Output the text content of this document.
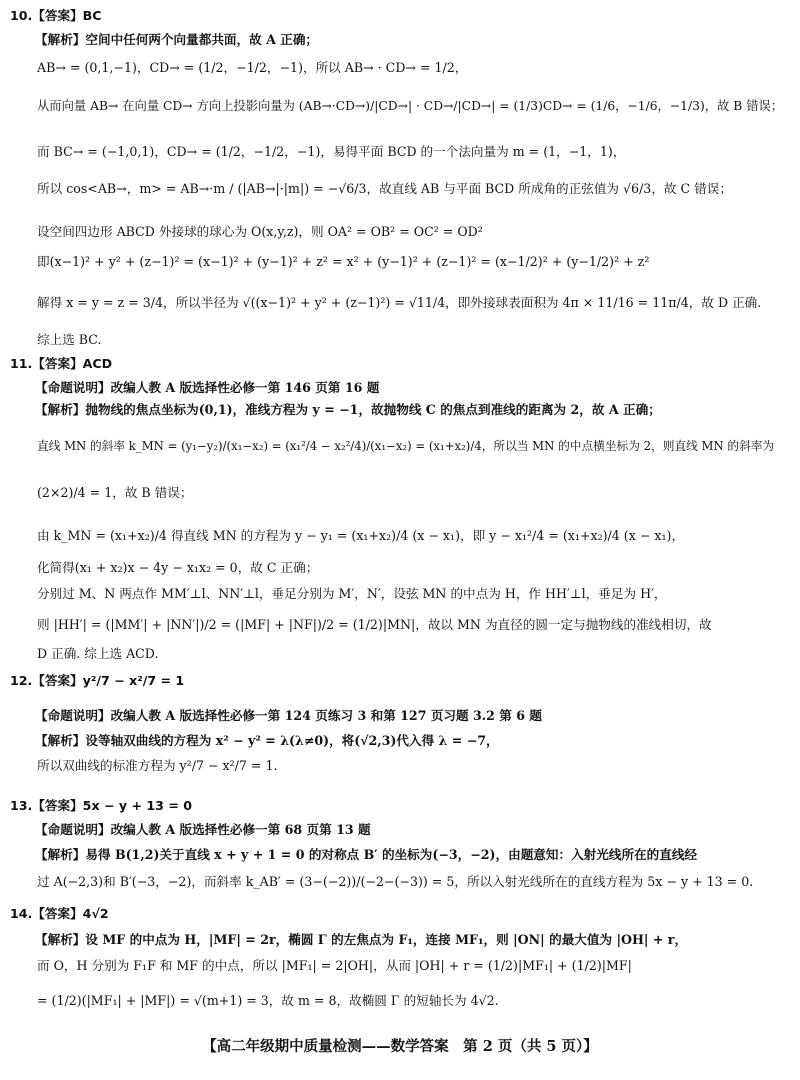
10.【答案】BC
【解析】空间中任何两个向量都共面，故 A 正确；
AB→ = (0,1,−1)，CD→ = (1/2，−1/2，−1)，所以 AB→ · CD→ = 1/2，
从而向量 AB→ 在向量 CD→ 方向上投影向量为 (AB→·CD→)/|CD→| · CD→/|CD→| = (1/3)CD→ = (1/6，−1/6，−1/3)，故 B 错误；
而 BC→ = (−1,0,1)，CD→ = (1/2，−1/2，−1)，易得平面 BCD 的一个法向量为 m = (1，−1，1)，
所以 cos<AB→，m> = AB→·m / (|AB→|·|m|) = −√6/3，故直线 AB 与平面 BCD 所成角的正弦值为 √6/3，故 C 错误；
设空间四边形 ABCD 外接球的球心为 O(x,y,z)，则 OA² = OB² = OC² = OD²
即(x−1)² + y² + (z−1)² = (x−1)² + (y−1)² + z² = x² + (y−1)² + (z−1)² = (x−1/2)² + (y−1/2)² + z²
解得 x = y = z = 3/4，所以半径为 √((x−1)² + y² + (z−1)²) = √11/4，即外接球表面积为 4π × 11/16 = 11π/4，故 D 正确.
综上选 BC.
11.【答案】ACD
【命题说明】改编人教 A 版选择性必修一第 146 页第 16 题
【解析】抛物线的焦点坐标为(0,1)，准线方程为 y = −1，故抛物线 C 的焦点到准线的距离为 2，故 A 正确；
直线 MN 的斜率 k_MN = (y₁−y₂)/(x₁−x₂) = (x₁²/4 − x₂²/4)/(x₁−x₂) = (x₁+x₂)/4，所以当 MN 的中点横坐标为 2，则直线 MN 的斜率为
(2×2)/4 = 1，故 B 错误；
由 k_MN = (x₁+x₂)/4 得直线 MN 的方程为 y − y₁ = (x₁+x₂)/4 (x − x₁)，即 y − x₁²/4 = (x₁+x₂)/4 (x − x₁)，
化简得(x₁ + x₂)x − 4y − x₁x₂ = 0，故 C 正确；
分别过 M、N 两点作 MM′⊥l、NN′⊥l，垂足分别为 M′，N′，设弦 MN 的中点为 H，作 HH′⊥l，垂足为 H′，
则 |HH′| = (|MM′| + |NN′|)/2 = (|MF| + |NF|)/2 = (1/2)|MN|，故以 MN 为直径的圆一定与抛物线的准线相切，故
D 正确. 综上选 ACD.
12.【答案】y²/7 − x²/7 = 1
【命题说明】改编人教 A 版选择性必修一第 124 页练习 3 和第 127 页习题 3.2 第 6 题
【解析】设等轴双曲线的方程为 x² − y² = λ(λ≠0)，将(√2,3)代入得 λ = −7，
所以双曲线的标准方程为 y²/7 − x²/7 = 1.
13.【答案】5x − y + 13 = 0
【命题说明】改编人教 A 版选择性必修一第 68 页第 13 题
【解析】易得 B(1,2)关于直线 x + y + 1 = 0 的对称点 B′ 的坐标为(−3，−2)，由题意知：入射光线所在的直线经
过 A(−2,3)和 B′(−3，−2)，而斜率 k_AB′ = (3−(−2))/(−2−(−3)) = 5，所以入射光线所在的直线方程为 5x − y + 13 = 0.
14.【答案】4√2
【解析】设 MF 的中点为 H，|MF| = 2r，椭圆 Γ 的左焦点为 F₁，连接 MF₁，则 |ON| 的最大值为 |OH| + r，
而 O，H 分别为 F₁F 和 MF 的中点，所以 |MF₁| = 2|OH|，从而 |OH| + r = (1/2)|MF₁| + (1/2)|MF|
= (1/2)(|MF₁| + |MF|) = √(m+1) = 3，故 m = 8，故椭圆 Γ 的短轴长为 4√2.
【高二年级期中质量检测——数学答案　第 2 页（共 5 页）】
